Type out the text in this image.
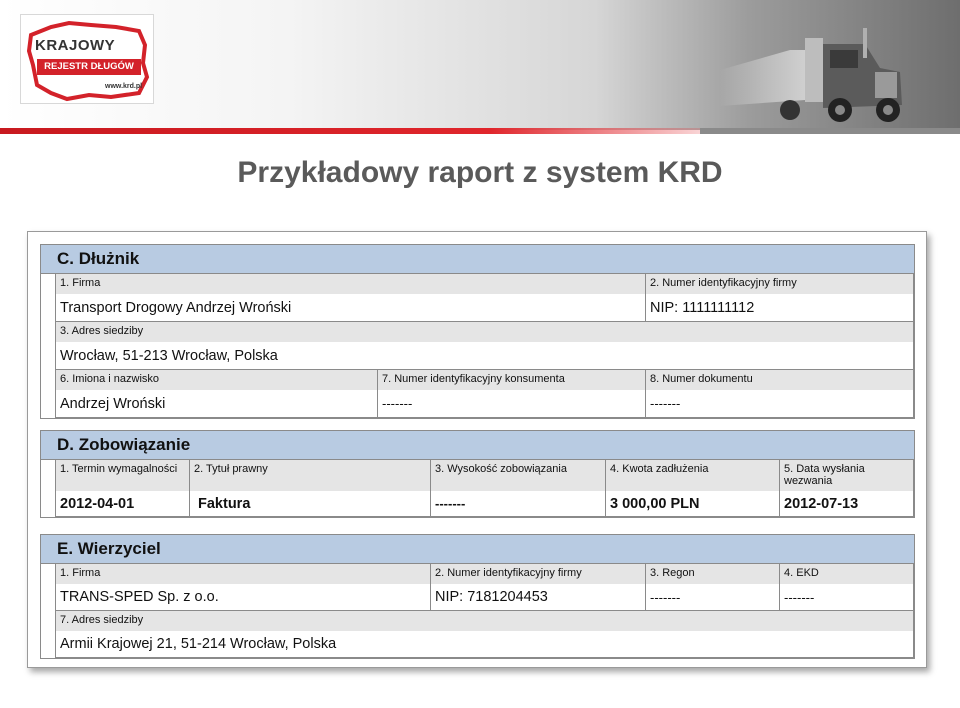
KRAJOWY
REJESTR DŁUGÓW
www.krd.pl
Przykładowy raport z system KRD
C. Dłużnik
1. Firma
Transport Drogowy Andrzej Wroński
2. Numer identyfikacyjny firmy
NIP: 1111111112
3. Adres siedziby
Wrocław, 51-213 Wrocław, Polska
6. Imiona i nazwisko
Andrzej Wroński
7. Numer identyfikacyjny konsumenta
-------
8. Numer dokumentu
-------
D. Zobowiązanie
1. Termin wymagalności
2012-04-01
2. Tytuł prawny
Faktura
3. Wysokość zobowiązania
-------
4. Kwota zadłużenia
3 000,00 PLN
5. Data wysłania wezwania
2012-07-13
E. Wierzyciel
1. Firma
TRANS-SPED Sp. z o.o.
2. Numer identyfikacyjny firmy
NIP: 7181204453
3. Regon
-------
4. EKD
-------
7. Adres siedziby
Armii Krajowej 21, 51-214 Wrocław, Polska
